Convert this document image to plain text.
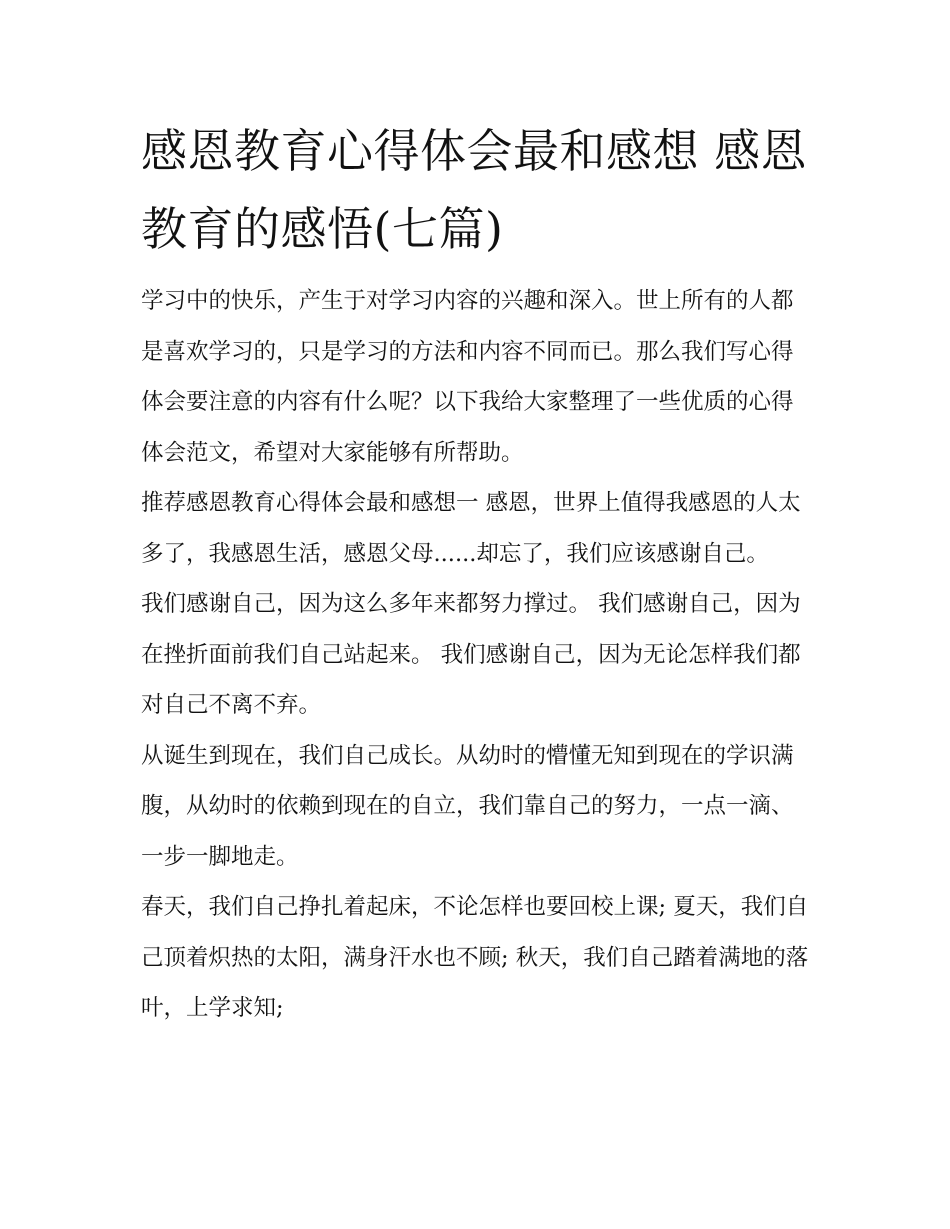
感恩教育心得体会最和感想 感恩教育的感悟(七篇)

学习中的快乐，产生于对学习内容的兴趣和深入。世上所有的人都是喜欢学习的，只是学习的方法和内容不同而已。那么我们写心得体会要注意的内容有什么呢？以下我给大家整理了一些优质的心得体会范文，希望对大家能够有所帮助。

推荐感恩教育心得体会最和感想一 感恩，世界上值得我感恩的人太多了，我感恩生活，感恩父母......却忘了，我们应该感谢自己。

我们感谢自己，因为这么多年来都努力撑过。 我们感谢自己，因为在挫折面前我们自己站起来。 我们感谢自己，因为无论怎样我们都对自己不离不弃。

从诞生到现在，我们自己成长。从幼时的懵懂无知到现在的学识满腹，从幼时的依赖到现在的自立，我们靠自己的努力，一点一滴、一步一脚地走。

春天，我们自己挣扎着起床，不论怎样也要回校上课; 夏天，我们自己顶着炽热的太阳，满身汗水也不顾; 秋天，我们自己踏着满地的落叶，上学求知;
